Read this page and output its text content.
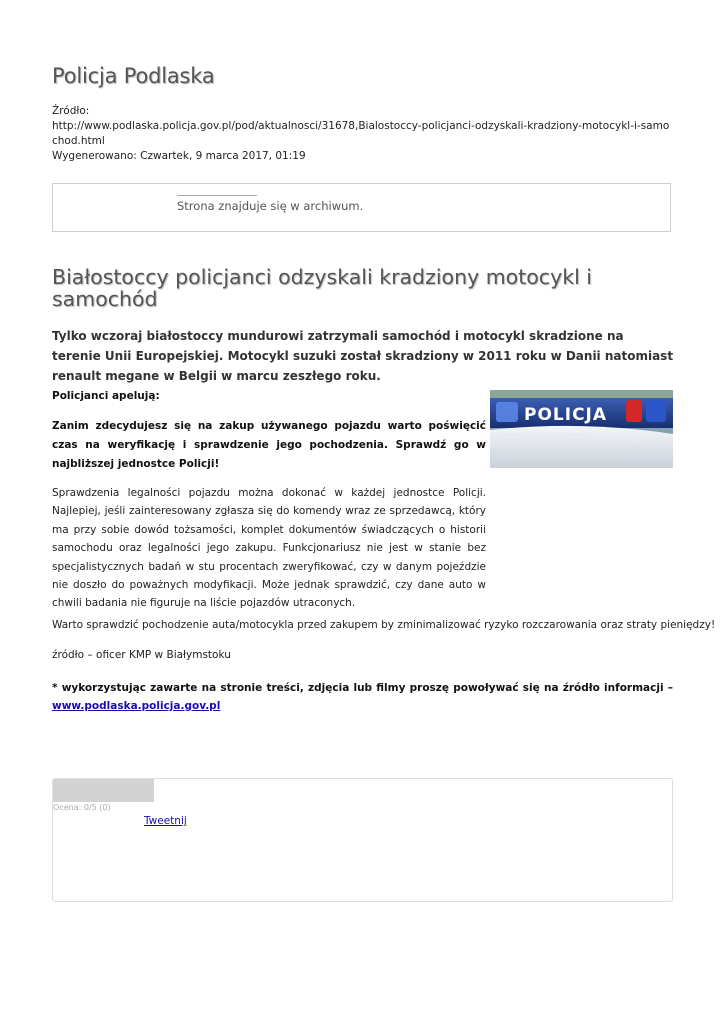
Policja Podlaska
Źródło:
http://www.podlaska.policja.gov.pl/pod/aktualnosci/31678,Bialostoccy-policjanci-odzyskali-kradziony-motocykl-i-samochod.html
Wygenerowano: Czwartek, 9 marca 2017, 01:19
Strona znajduje się w archiwum.
Białostoccy policjanci odzyskali kradziony motocykl i samochód

Tylko wczoraj białostoccy mundurowi zatrzymali samochód i motocykl skradzione na terenie Unii Europejskiej. Motocykl suzuki został skradziony w 2011 roku w Danii natomiast renault megane w Belgii w marcu zeszłego roku.

Policjanci apelują:

POLICJA

Zanim zdecydujesz się na zakup używanego pojazdu warto poświęcić czas na weryfikację i sprawdzenie jego pochodzenia. Sprawdź go w najbliższej jednostce Policji!

Sprawdzenia legalności pojazdu można dokonać w każdej jednostce Policji. Najlepiej, jeśli zainteresowany zgłasza się do komendy wraz ze sprzedawcą, który ma przy sobie dowód tożsamości, komplet dokumentów świadczących o historii samochodu oraz legalności jego zakupu. Funkcjonariusz nie jest w stanie bez specjalistycznych badań w stu procentach zweryfikować, czy w danym pojeździe nie doszło do poważnych modyfikacji. Może jednak sprawdzić, czy dane auto w chwili badania nie figuruje na liście pojazdów utraconych.

Warto sprawdzić pochodzenie auta/motocykla przed zakupem by zminimalizować ryzyko rozczarowania oraz straty pieniędzy!

źródło – oficer KMP w Białymstoku

* wykorzystując zawarte na stronie treści, zdjęcia lub filmy proszę powoływać się na źródło informacji – www.podlaska.policja.gov.pl

Ocena: 0/5 (0)
Tweetnij
